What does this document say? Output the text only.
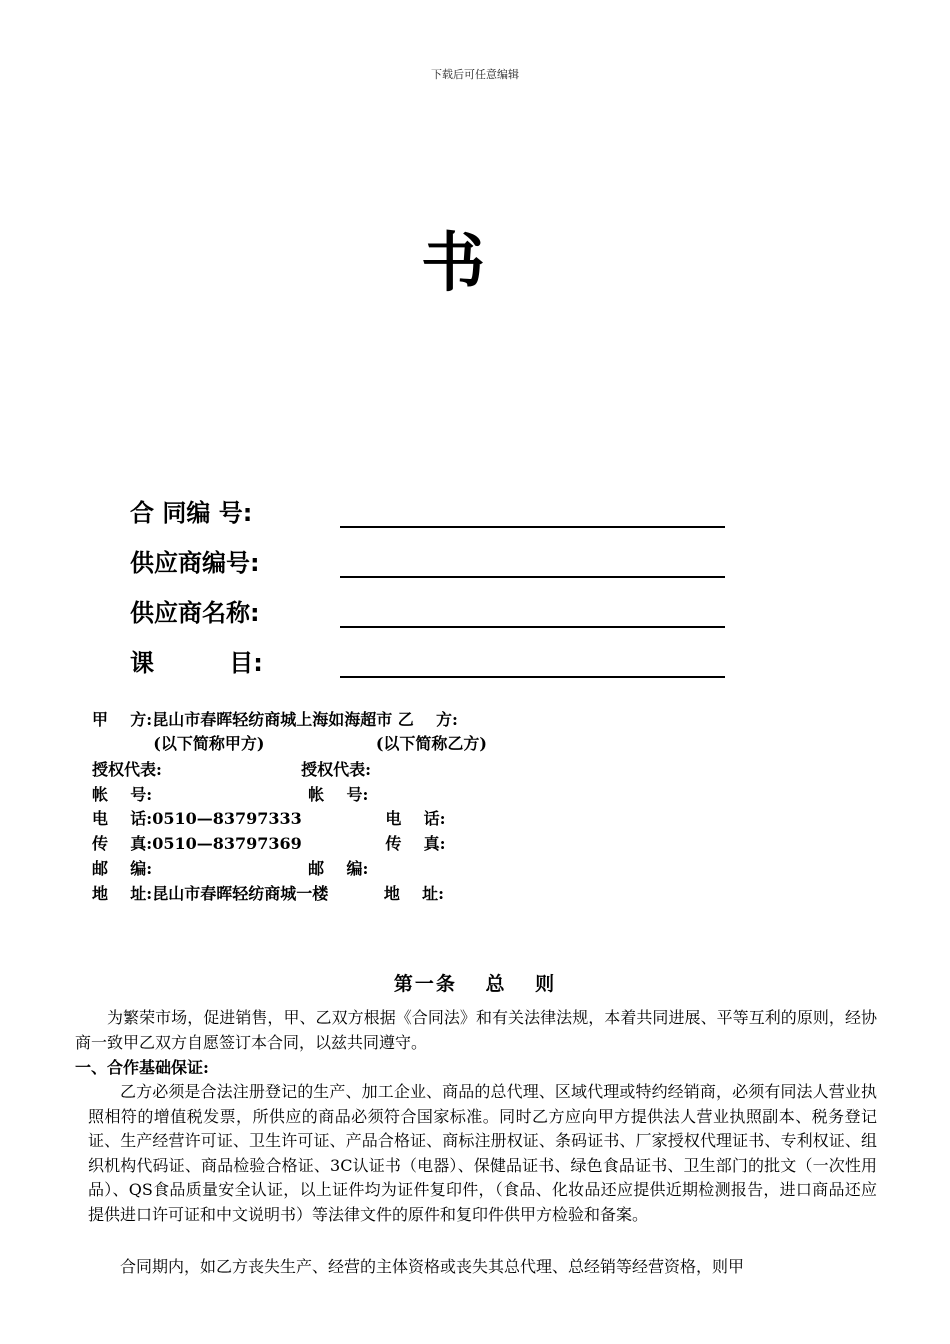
下载后可任意编辑
书
合 同编 号:
供应商编号:
供应商名称:
课         目:
甲    方:昆山市春晖轻纺商城上海如海超市 乙    方:
(以下简称甲方)                    (以下简称乙方)
授权代表:                         授权代表:
帐    号:                            帐    号:
电    话:0510—83797333               电    话:
传    真:0510—83797369               传    真:
邮    编:                            邮    编:
地    址:昆山市春晖轻纺商城一楼          地    址:
第一条 总 则
为繁荣市场，促进销售，甲、乙双方根据《合同法》和有关法律法规，本着共同进展、平等互利的原则，经协商一致甲乙双方自愿签订本合同，以兹共同遵守。
一、合作基础保证:
乙方必须是合法注册登记的生产、加工企业、商品的总代理、区域代理或特约经销商，必须有同法人营业执照相符的增值税发票，所供应的商品必须符合国家标准。同时乙方应向甲方提供法人营业执照副本、税务登记证、生产经营许可证、卫生许可证、产品合格证、商标注册权证、条码证书、厂家授权代理证书、专利权证、组织机构代码证、商品检验合格证、3C认证书（电器）、保健品证书、绿色食品证书、卫生部门的批文（一次性用品）、QS食品质量安全认证，以上证件均为证件复印件，（食品、化妆品还应提供近期检测报告，进口商品还应提供进口许可证和中文说明书）等法律文件的原件和复印件供甲方检验和备案。
合同期内，如乙方丧失生产、经营的主体资格或丧失其总代理、总经销等经营资格，则甲
